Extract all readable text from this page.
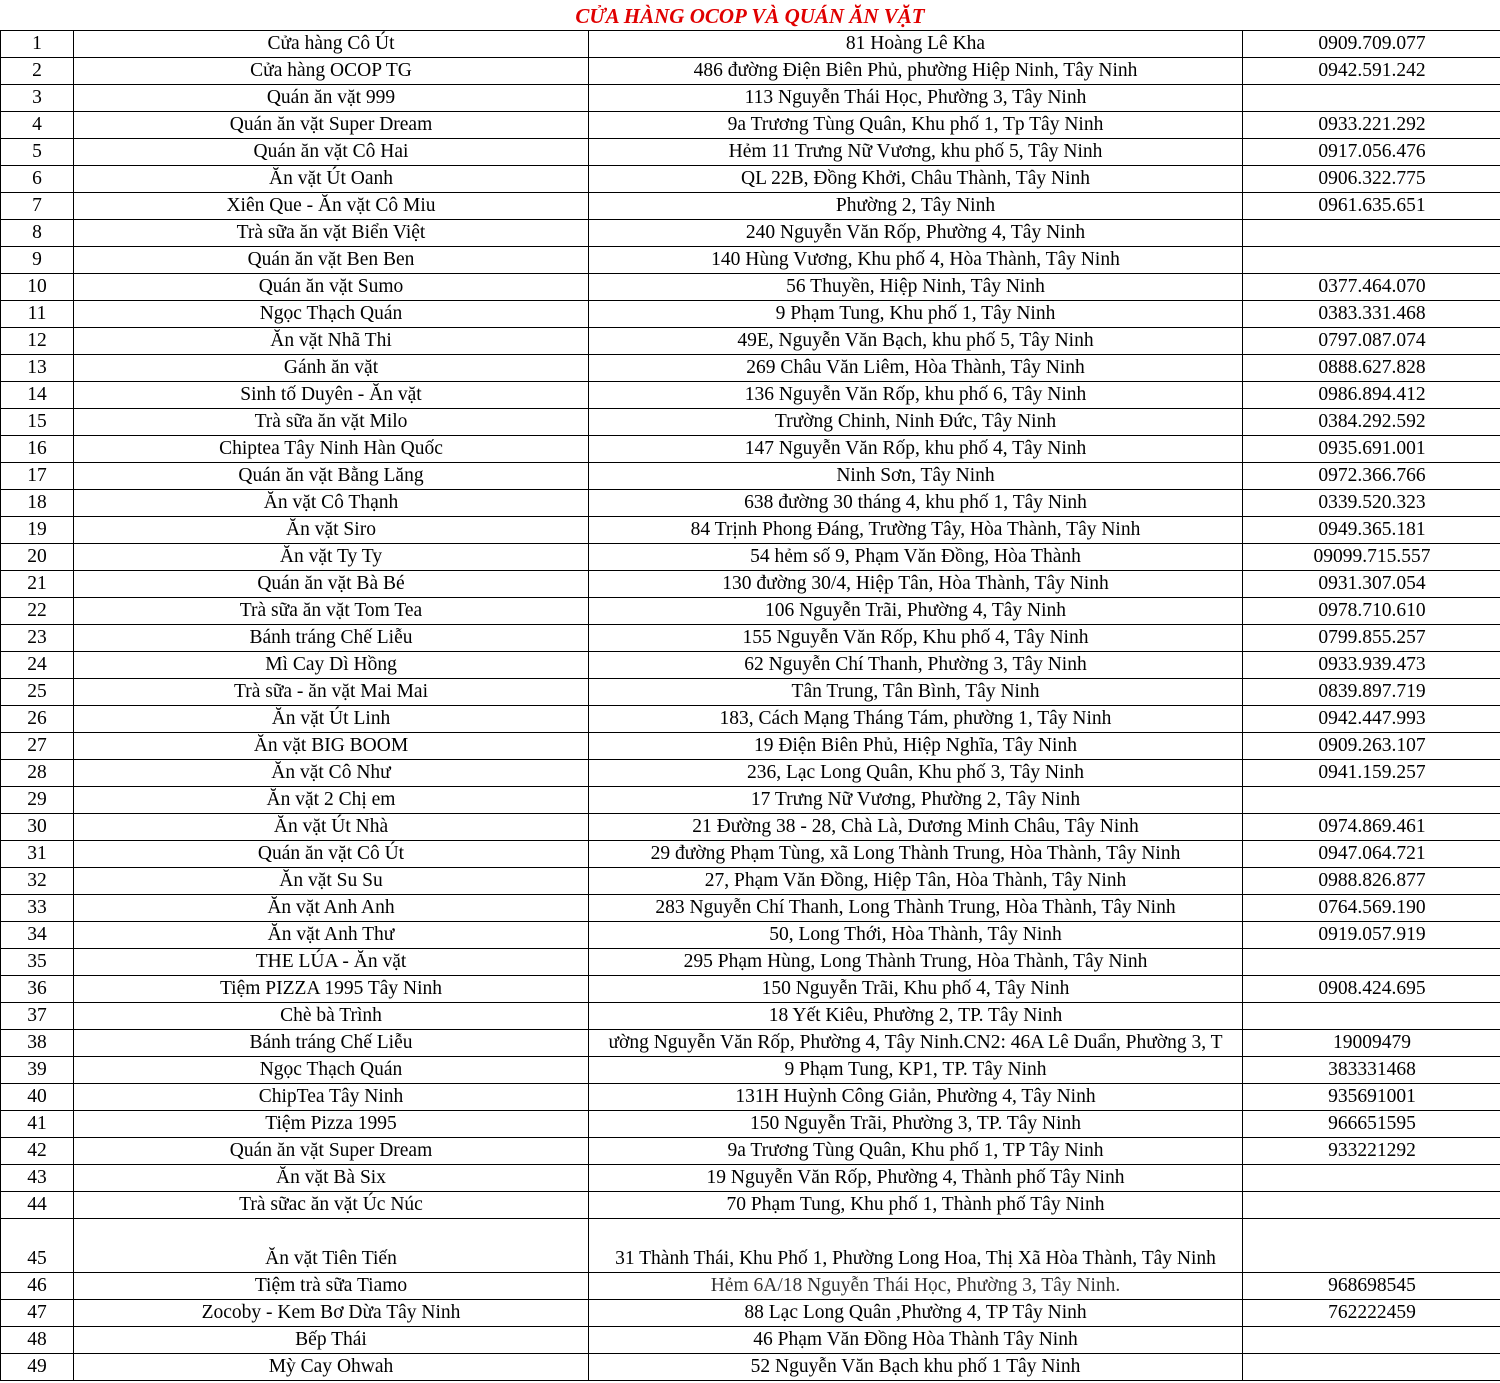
CỬA HÀNG OCOP VÀ QUÁN ĂN VẶT
1	Cửa hàng Cô Út	81 Hoàng Lê Kha	0909.709.077
2	Cửa hàng OCOP TG	486 đường Điện Biên Phủ, phường Hiệp Ninh, Tây Ninh	0942.591.242
3	Quán ăn vặt 999	113 Nguyễn Thái Học, Phường 3, Tây Ninh	
4	Quán ăn vặt Super Dream	9a Trương Tùng Quân, Khu phố 1, Tp Tây Ninh	0933.221.292
5	Quán ăn vặt Cô Hai	Hẻm 11 Trưng Nữ Vương, khu phố 5, Tây Ninh	0917.056.476
6	Ăn vặt Út Oanh	QL 22B, Đồng Khởi, Châu Thành, Tây Ninh	0906.322.775
7	Xiên Que - Ăn vặt Cô Miu	Phường 2, Tây Ninh	0961.635.651
8	Trà sữa ăn vặt Biển Việt	240 Nguyễn Văn Rốp, Phường 4, Tây Ninh	
9	Quán ăn vặt Ben Ben	140 Hùng Vương, Khu phố 4, Hòa Thành, Tây Ninh	
10	Quán ăn vặt Sumo	56 Thuyền, Hiệp Ninh, Tây Ninh	0377.464.070
11	Ngọc Thạch Quán	9 Phạm Tung, Khu phố 1, Tây Ninh	0383.331.468
12	Ăn vặt Nhã Thi	49E, Nguyễn Văn Bạch, khu phố 5, Tây Ninh	0797.087.074
13	Gánh ăn vặt	269 Châu Văn Liêm, Hòa Thành, Tây Ninh	0888.627.828
14	Sinh tố Duyên - Ăn vặt	136 Nguyễn Văn Rốp, khu phố 6, Tây Ninh	0986.894.412
15	Trà sữa ăn vặt Milo	Trường Chinh, Ninh Đức, Tây Ninh	0384.292.592
16	Chiptea Tây Ninh Hàn Quốc	147 Nguyễn Văn Rốp, khu phố 4, Tây Ninh	0935.691.001
17	Quán ăn vặt Bằng Lăng	Ninh Sơn, Tây Ninh	0972.366.766
18	Ăn vặt Cô Thạnh	638 đường 30 tháng 4, khu phố 1, Tây Ninh	0339.520.323
19	Ăn vặt Siro	84 Trịnh Phong Đáng, Trường Tây, Hòa Thành, Tây Ninh	0949.365.181
20	Ăn vặt Ty Ty	54 hẻm số 9, Phạm Văn Đồng, Hòa Thành	09099.715.557
21	Quán ăn vặt Bà Bé	130 đường 30/4, Hiệp Tân, Hòa Thành, Tây Ninh	0931.307.054
22	Trà sữa ăn vặt Tom Tea	106 Nguyễn Trãi, Phường 4, Tây Ninh	0978.710.610
23	Bánh tráng Chế Liễu	155 Nguyễn Văn Rốp, Khu phố 4, Tây Ninh	0799.855.257
24	Mì Cay Dì Hồng	62 Nguyễn Chí Thanh, Phường 3, Tây Ninh	0933.939.473
25	Trà sữa - ăn vặt Mai Mai	Tân Trung, Tân Bình, Tây Ninh	0839.897.719
26	Ăn vặt Út Linh	183, Cách Mạng Tháng Tám, phường 1, Tây Ninh	0942.447.993
27	Ăn vặt BIG BOOM	19 Điện Biên Phủ, Hiệp Nghĩa, Tây Ninh	0909.263.107
28	Ăn vặt Cô Như	236, Lạc Long Quân, Khu phố 3, Tây Ninh	0941.159.257
29	Ăn vặt 2 Chị em	17 Trưng Nữ Vương, Phường 2, Tây Ninh	
30	Ăn vặt Út Nhà	21 Đường 38 - 28, Chà Là, Dương Minh Châu, Tây Ninh	0974.869.461
31	Quán ăn vặt Cô Út	29 đường Phạm Tùng, xã Long Thành Trung, Hòa Thành, Tây Ninh	0947.064.721
32	Ăn vặt Su Su	27, Phạm Văn Đồng, Hiệp Tân, Hòa Thành, Tây Ninh	0988.826.877
33	Ăn vặt Anh Anh	283 Nguyễn Chí Thanh, Long Thành Trung, Hòa Thành, Tây Ninh	0764.569.190
34	Ăn vặt Anh Thư	50, Long Thới, Hòa Thành, Tây Ninh	0919.057.919
35	THE LÚA - Ăn vặt	295 Phạm Hùng, Long Thành Trung, Hòa Thành, Tây Ninh	
36	Tiệm PIZZA 1995 Tây Ninh	150 Nguyễn Trãi, Khu phố 4, Tây Ninh	0908.424.695
37	Chè bà Trình	18 Yết Kiêu, Phường 2, TP. Tây Ninh	
38	Bánh tráng Chế Liễu	ường Nguyễn Văn Rốp, Phường 4, Tây Ninh.CN2: 46A Lê Duẩn, Phường 3, T	19009479
39	Ngọc Thạch Quán	9 Phạm Tung, KP1, TP. Tây Ninh	383331468
40	ChipTea Tây Ninh	131H Huỳnh Công Giản, Phường 4, Tây Ninh	935691001
41	Tiệm Pizza 1995	150 Nguyễn Trãi, Phường 3, TP. Tây Ninh	966651595
42	Quán ăn vặt Super Dream	9a Trương Tùng Quân, Khu phố 1, TP Tây Ninh	933221292
43	Ăn vặt Bà Six	19 Nguyễn Văn Rốp, Phường 4, Thành phố Tây Ninh	
44	Trà sữac ăn vặt Úc Núc	70 Phạm Tung, Khu phố 1, Thành phố Tây Ninh	
45	Ăn vặt Tiên Tiến	31 Thành Thái, Khu Phố 1, Phường Long Hoa, Thị Xã Hòa Thành, Tây Ninh	
46	Tiệm trà sữa Tiamo	Hẻm 6A/18 Nguyễn Thái Học, Phường 3, Tây Ninh.	968698545
47	Zocoby - Kem Bơ Dừa Tây Ninh	88 Lạc Long Quân ,Phường 4, TP Tây Ninh	762222459
48	Bếp Thái	46 Phạm Văn Đồng Hòa Thành Tây Ninh	
49	Mỳ Cay Ohwah	52 Nguyễn Văn Bạch khu phố 1 Tây Ninh	
